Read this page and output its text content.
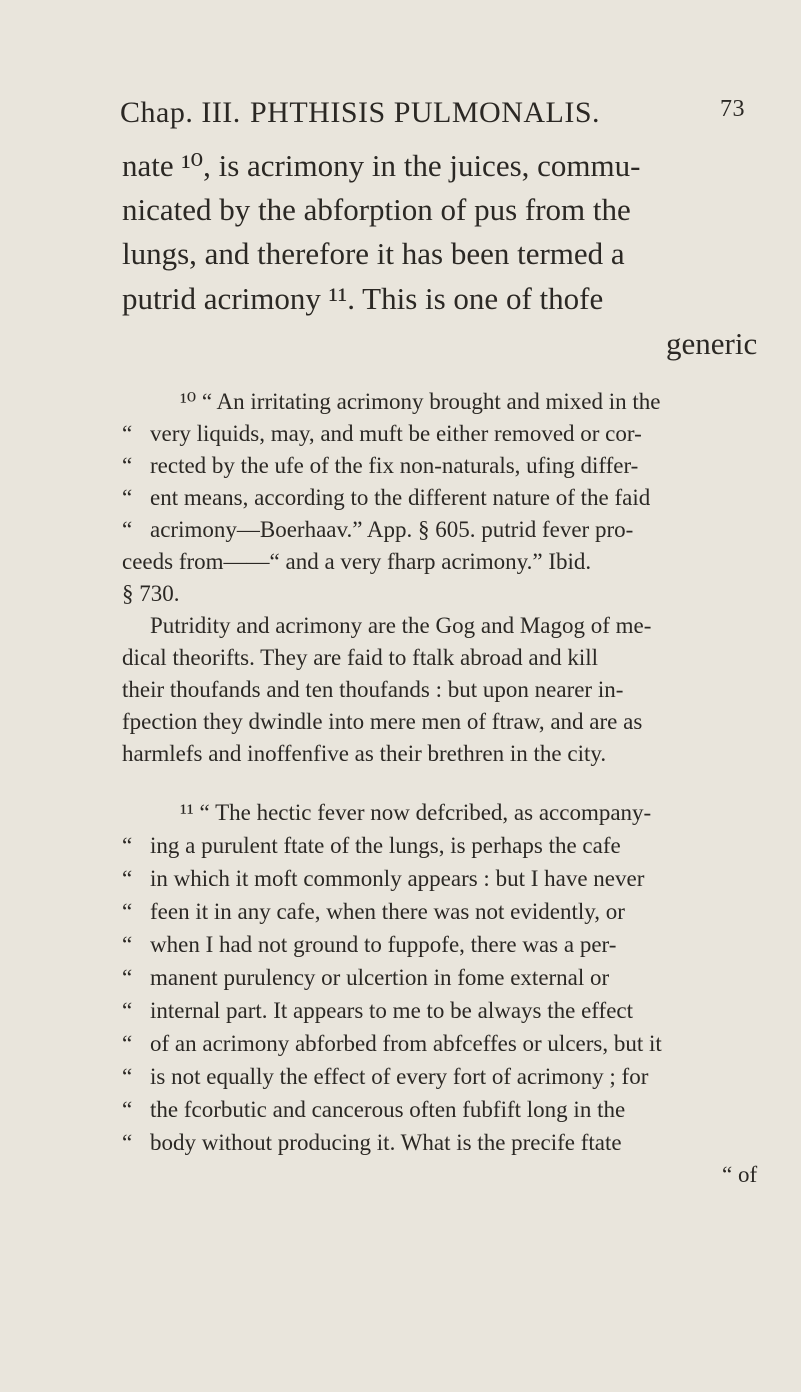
Chap. III. PHTHISIS PULMONALIS.	73
nate ¹⁰, is acrimony in the juices, commu-
nicated by the abforption of pus from the
lungs, and therefore it has been termed a
putrid acrimony ¹¹. This is one of thofe
generic
¹⁰ “ An irritating acrimony brought and mixed in the
“ very liquids, may, and muft be either removed or cor-
“ rected by the ufe of the fix non-naturals, ufing differ-
“ ent means, according to the different nature of the faid
“ acrimony—Boerhaav.” App. § 605. putrid fever pro-
ceeds from——“ and a very fharp acrimony.” Ibid.
§ 730.
Putridity and acrimony are the Gog and Magog of me-
dical theorifts. They are faid to ftalk abroad and kill
their thoufands and ten thoufands : but upon nearer in-
fpection they dwindle into mere men of ftraw, and are as
harmlefs and inoffenfive as their brethren in the city.
¹¹ “ The hectic fever now defcribed, as accompany-
“ ing a purulent ftate of the lungs, is perhaps the cafe
“ in which it moft commonly appears : but I have never
“ feen it in any cafe, when there was not evidently, or
“ when I had not ground to fuppofe, there was a per-
“ manent purulency or ulcertion in fome external or
“ internal part. It appears to me to be always the effect
“ of an acrimony abforbed from abfceffes or ulcers, but it
“ is not equally the effect of every fort of acrimony ; for
“ the fcorbutic and cancerous often fubfift long in the
“ body without producing it. What is the precife ftate
“ of
